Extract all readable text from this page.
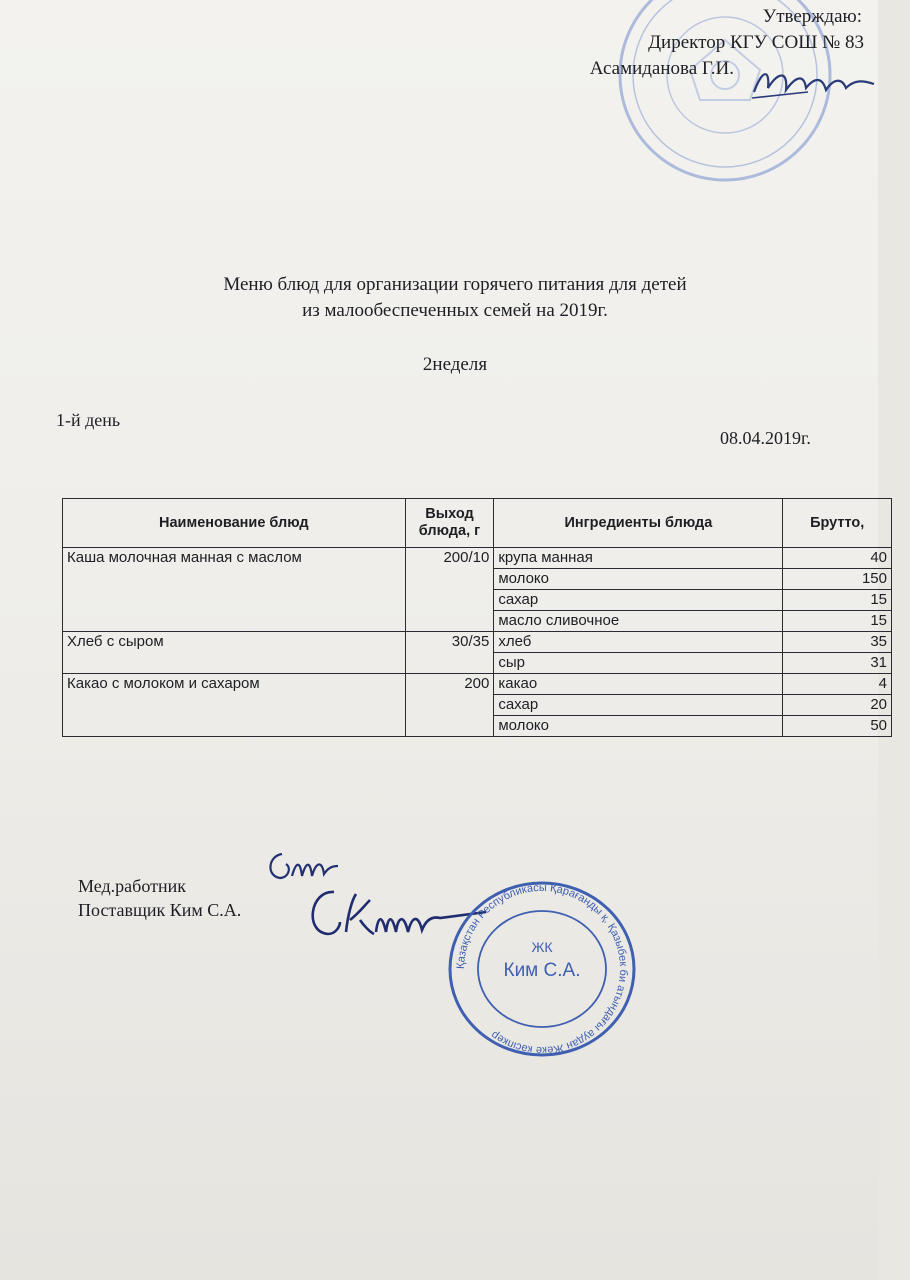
Утверждаю:
Директор КГУ СОШ № 83
Асамиданова Г.И.
Меню блюд для организации горячего питания для детей
из малообеспеченных семей на 2019г.
2неделя
1-й день
08.04.2019г.
Наименование блюд	Выход блюда, г	Ингредиенты блюда	Брутто,
Каша молочная манная с маслом	200/10	крупа манная	40
		молоко	150
		сахар	15
		масло сливочное	15
Хлеб с сыром	30/35	хлеб	35
		сыр	31
Какао с молоком и сахаром	200	какао	4
		сахар	20
		молоко	50
Мед.работник
Поставщик Ким С.А.
Қазақстан Республикасы Қарағанды қ. Қазыбек би атындағы аудан Жеке кәсіпкер
ЖК
Ким С.А.
